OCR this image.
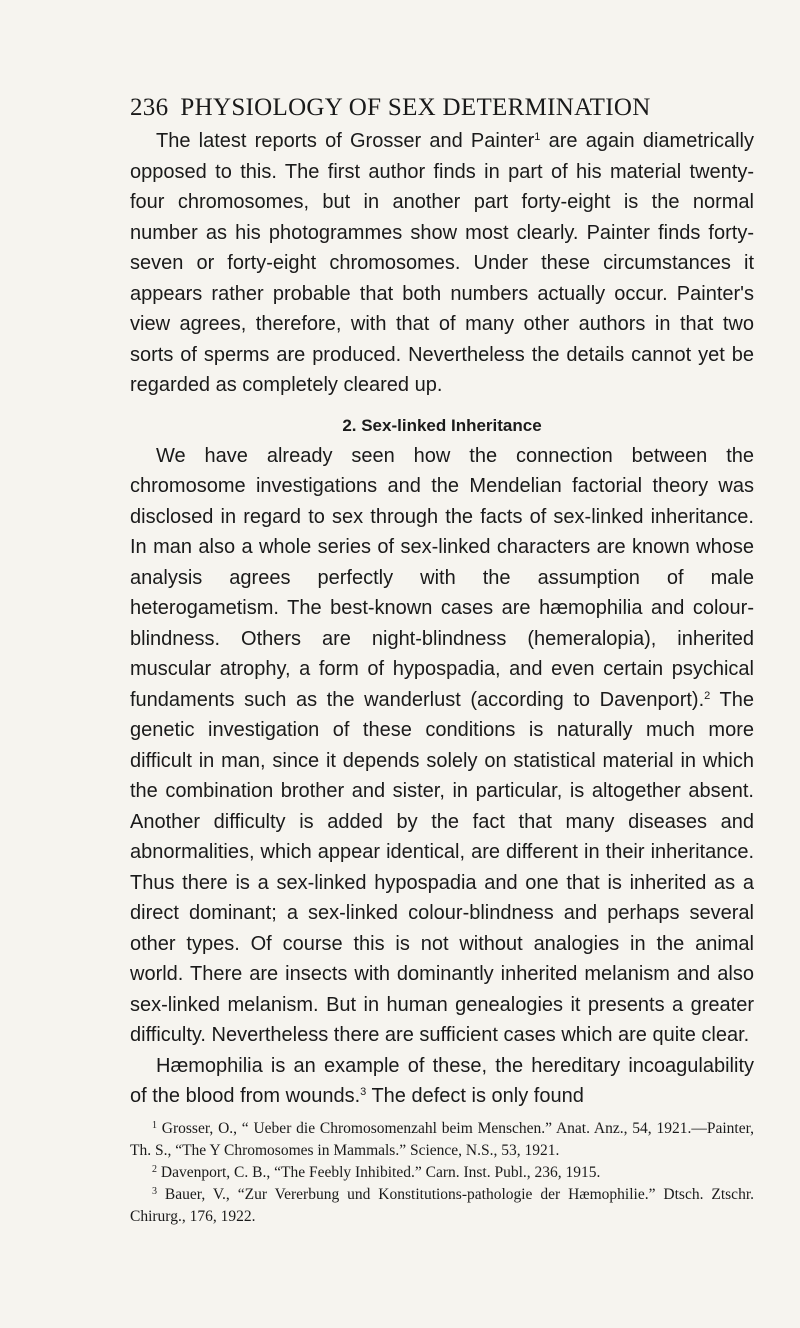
236 PHYSIOLOGY OF SEX DETERMINATION

The latest reports of Grosser and Painter$^1$ are again diametrically opposed to this. The first author finds in part of his material twenty-four chromosomes, but in another part forty-eight is the normal number as his photogrammes show most clearly. Painter finds forty-seven or forty-eight chromosomes. Under these circumstances it appears rather probable that both numbers actually occur. Painter's view agrees, therefore, with that of many other authors in that two sorts of sperms are produced. Nevertheless the details cannot yet be regarded as completely cleared up.

2. Sex-linked Inheritance

We have already seen how the connection between the chromosome investigations and the Mendelian factorial theory was disclosed in regard to sex through the facts of sex-linked inheritance. In man also a whole series of sex-linked characters are known whose analysis agrees perfectly with the assumption of male heterogametism. The best-known cases are hæmophilia and colour-blindness. Others are night-blindness (hemeralopia), inherited muscular atrophy, a form of hypospadia, and even certain psychical fundaments such as the wanderlust (according to Davenport).$^2$ The genetic investigation of these conditions is naturally much more difficult in man, since it depends solely on statistical material in which the combination brother and sister, in particular, is altogether absent. Another difficulty is added by the fact that many diseases and abnormalities, which appear identical, are different in their inheritance. Thus there is a sex-linked hypospadia and one that is inherited as a direct dominant; a sex-linked colour-blindness and perhaps several other types. Of course this is not without analogies in the animal world. There are insects with dominantly inherited melanism and also sex-linked melanism. But in human genealogies it presents a greater difficulty. Nevertheless there are sufficient cases which are quite clear.

Hæmophilia is an example of these, the hereditary incoagulability of the blood from wounds.$^3$ The defect is only found

$^1$ Grosser, O., “ Ueber die Chromosomenzahl beim Menschen.” Anat. Anz., 54, 1921.—Painter, Th. S., “The Y Chromosomes in Mammals.” Science, N.S., 53, 1921.

$^2$ Davenport, C. B., “The Feebly Inhibited.” Carn. Inst. Publ., 236, 1915.

$^3$ Bauer, V., “Zur Vererbung und Konstitutions-pathologie der Hæmophilie.” Dtsch. Ztschr. Chirurg., 176, 1922.
